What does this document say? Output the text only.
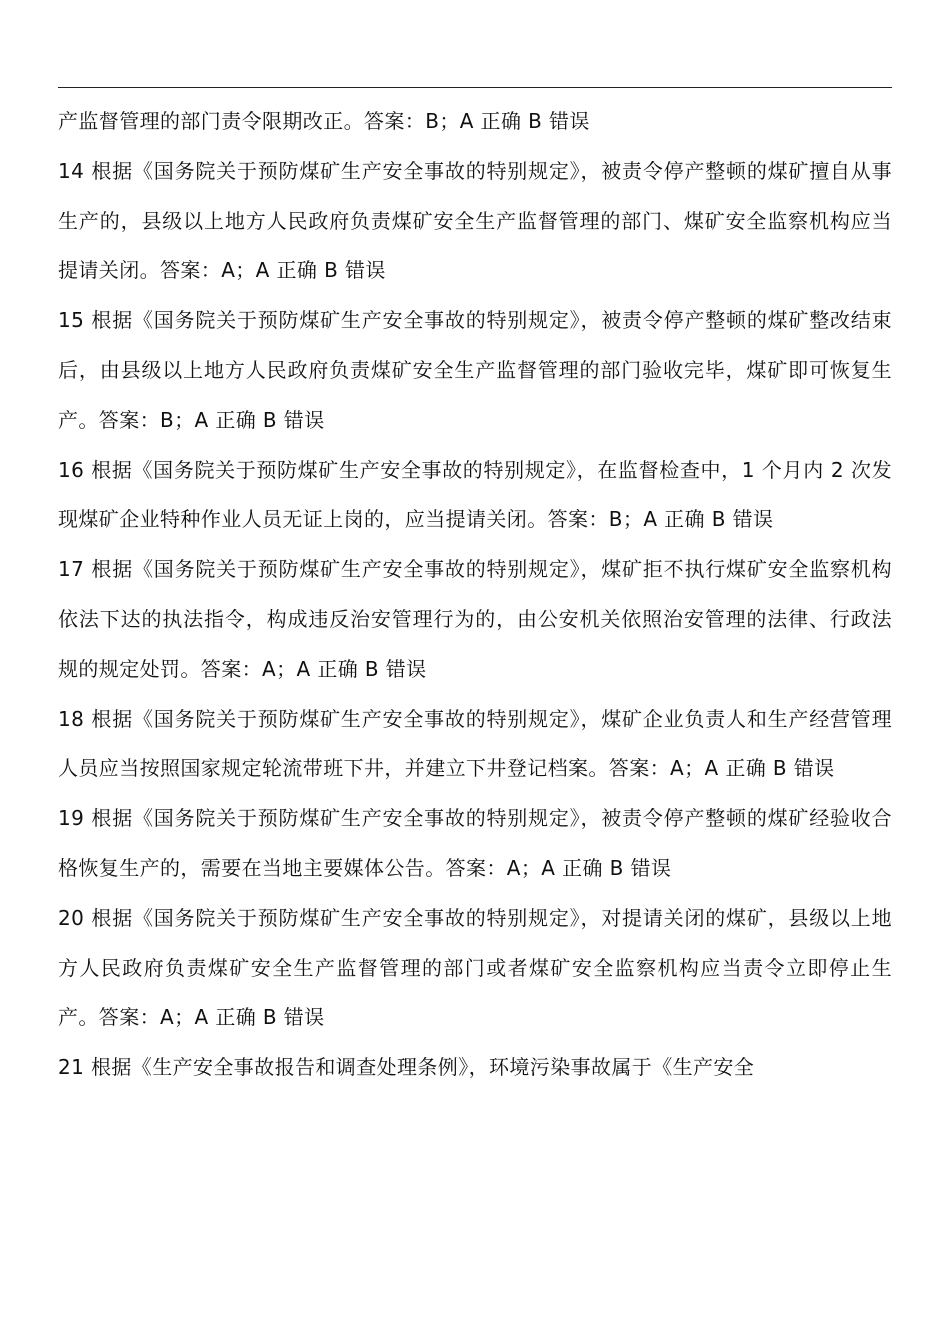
产监督管理的部门责令限期改正。答案：B；A 正确 B 错误

14 根据《国务院关于预防煤矿生产安全事故的特别规定》，被责令停产整顿的煤矿擅自从事生产的，县级以上地方人民政府负责煤矿安全生产监督管理的部门、煤矿安全监察机构应当提请关闭。答案：A；A 正确 B 错误

15 根据《国务院关于预防煤矿生产安全事故的特别规定》，被责令停产整顿的煤矿整改结束后，由县级以上地方人民政府负责煤矿安全生产监督管理的部门验收完毕，煤矿即可恢复生产。答案：B；A 正确 B 错误

16 根据《国务院关于预防煤矿生产安全事故的特别规定》，在监督检查中，1 个月内 2 次发现煤矿企业特种作业人员无证上岗的，应当提请关闭。答案：B；A 正确 B 错误

17 根据《国务院关于预防煤矿生产安全事故的特别规定》，煤矿拒不执行煤矿安全监察机构依法下达的执法指令，构成违反治安管理行为的，由公安机关依照治安管理的法律、行政法规的规定处罚。答案：A；A 正确 B 错误

18 根据《国务院关于预防煤矿生产安全事故的特别规定》，煤矿企业负责人和生产经营管理人员应当按照国家规定轮流带班下井，并建立下井登记档案。答案：A；A 正确 B 错误

19 根据《国务院关于预防煤矿生产安全事故的特别规定》，被责令停产整顿的煤矿经验收合格恢复生产的，需要在当地主要媒体公告。答案：A；A 正确 B 错误

20 根据《国务院关于预防煤矿生产安全事故的特别规定》，对提请关闭的煤矿，县级以上地方人民政府负责煤矿安全生产监督管理的部门或者煤矿安全监察机构应当责令立即停止生产。答案：A；A 正确 B 错误

21 根据《生产安全事故报告和调查处理条例》，环境污染事故属于《生产安全
